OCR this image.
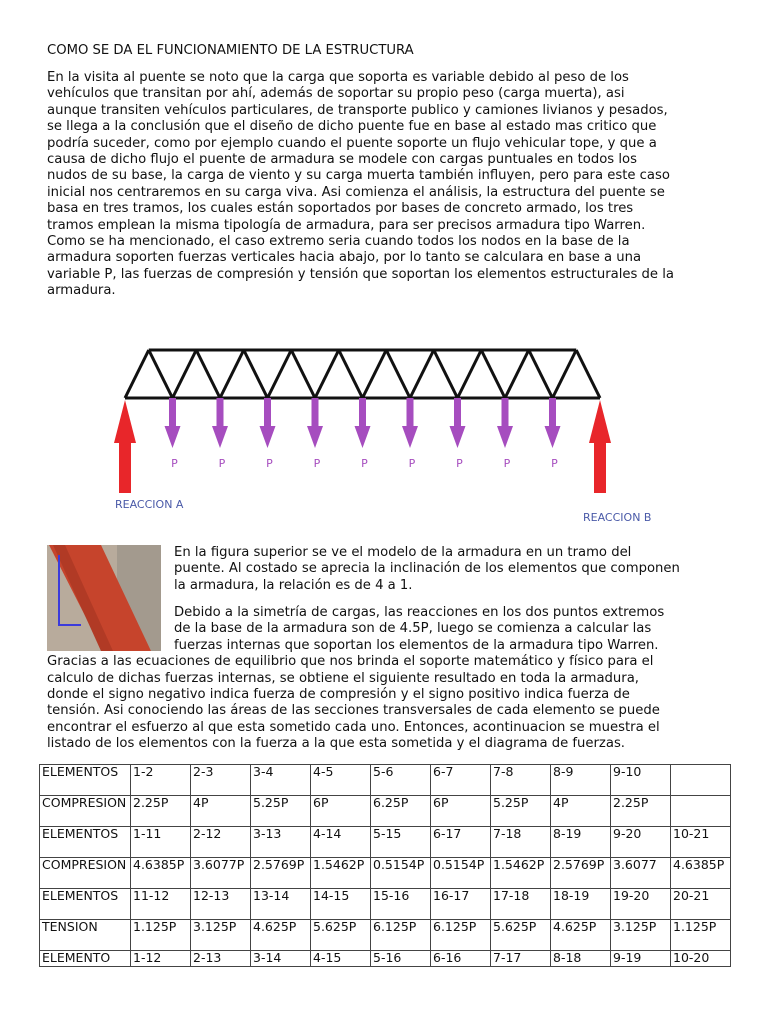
COMO SE DA EL FUNCIONAMIENTO DE LA ESTRUCTURA
En la visita al puente se noto que la carga que soporta es variable debido al peso de los
vehículos que transitan por ahí, además de soportar su propio peso (carga muerta), asi
aunque transiten vehículos particulares, de transporte publico y camiones livianos y pesados,
se llega a la conclusión que el diseño de dicho puente fue en base al estado mas critico que
podría suceder, como por ejemplo cuando el puente soporte un flujo vehicular tope, y que a
causa de dicho flujo el puente de armadura se modele con cargas puntuales en todos los
nudos de su base, la carga de viento y su carga muerta también influyen, pero para este caso
inicial nos centraremos en su carga viva. Asi comienza el análisis, la estructura del puente se
basa en tres tramos, los cuales están soportados por bases de concreto armado, los tres
tramos emplean la misma tipología de armadura, para ser precisos armadura tipo Warren.
Como se ha mencionado, el caso extremo seria cuando todos los nodos en la base de la
armadura soporten fuerzas verticales hacia abajo, por lo tanto se calculara en base a una
variable P, las fuerzas de compresión y tensión que soportan los elementos estructurales de la
armadura.
P	P	P	P	P	P	P	P	P
REACCION A
REACCION B
En la figura superior se ve el modelo de la armadura en un tramo del
puente. Al costado se aprecia la inclinación de los elementos que componen
la armadura, la relación es de 4 a 1.
Debido a la simetría de cargas, las reacciones en los dos puntos extremos
de la base de la armadura son de 4.5P, luego se comienza a calcular las
fuerzas internas que soportan los elementos de la armadura tipo Warren.
Gracias a las ecuaciones de equilibrio que nos brinda el soporte matemático y físico para el
calculo de dichas fuerzas internas, se obtiene el siguiente resultado en toda la armadura,
donde el signo negativo indica fuerza de compresión y el signo positivo indica fuerza de
tensión. Asi conociendo las áreas de las secciones transversales de cada elemento se puede
encontrar el esfuerzo al que esta sometido cada uno. Entonces, acontinuacion se muestra el
listado de los elementos con la fuerza a la que esta sometida y el diagrama de fuerzas.
ELEMENTOS	1-2	2-3	3-4	4-5	5-6	6-7	7-8	8-9	9-10	
COMPRESION	2.25P	4P	5.25P	6P	6.25P	6P	5.25P	4P	2.25P	
ELEMENTOS	1-11	2-12	3-13	4-14	5-15	6-17	7-18	8-19	9-20	10-21
COMPRESION	4.6385P	3.6077P	2.5769P	1.5462P	0.5154P	0.5154P	1.5462P	2.5769P	3.6077	4.6385P
ELEMENTOS	11-12	12-13	13-14	14-15	15-16	16-17	17-18	18-19	19-20	20-21
TENSION	1.125P	3.125P	4.625P	5.625P	6.125P	6.125P	5.625P	4.625P	3.125P	1.125P
ELEMENTO	1-12	2-13	3-14	4-15	5-16	6-16	7-17	8-18	9-19	10-20
